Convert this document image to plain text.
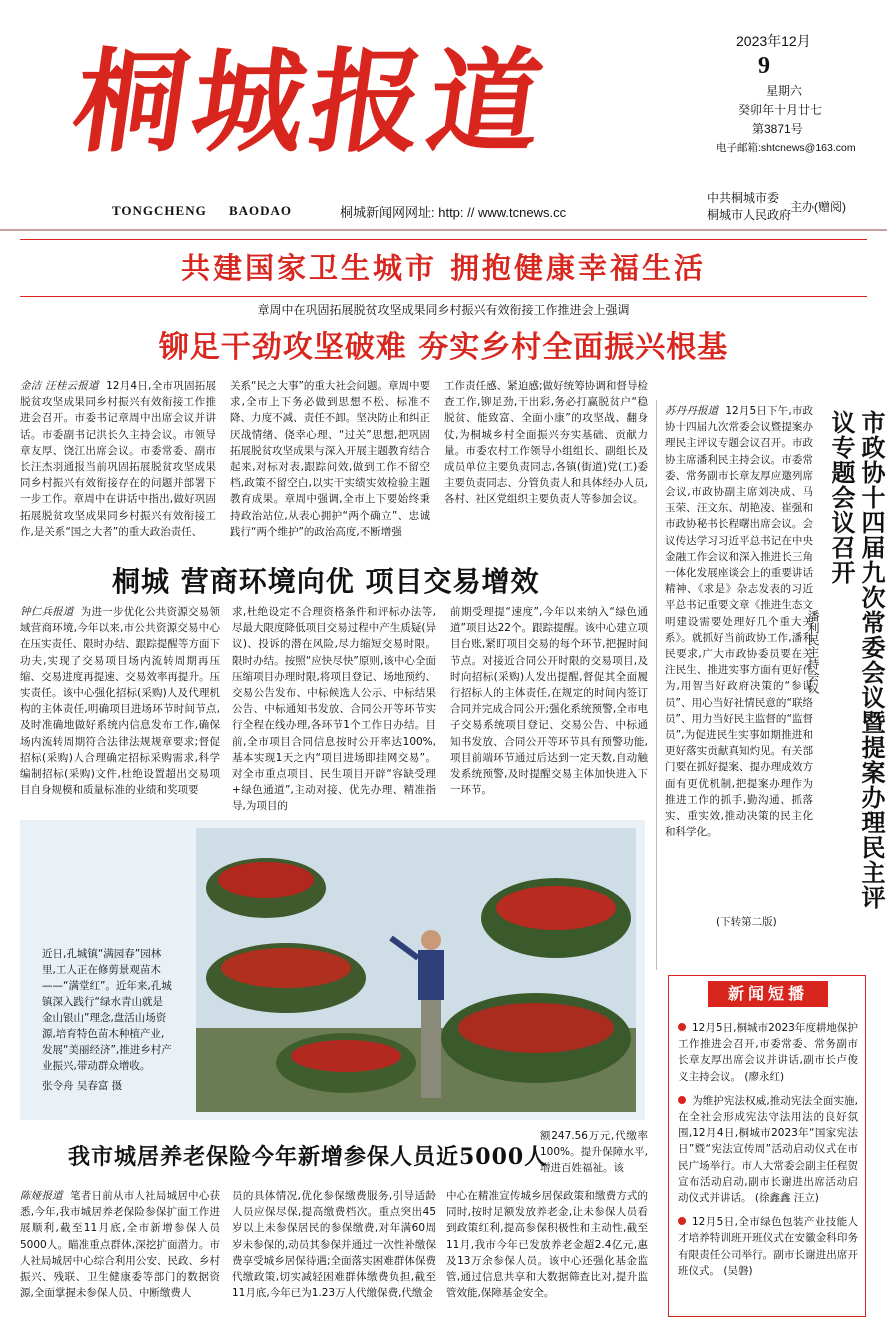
桐城报道
TONGCHENG BAODAO	桐城新闻网网址: http: // www.tcnews.cc
2023年12月
9
星期六
癸卯年十月廿七
第3871号
电子邮箱:shtcnews@163.com
中共桐城市委
桐城市人民政府
主办(赠阅)
共建国家卫生城市 拥抱健康幸福生活
章周中在巩固拓展脱贫攻坚成果同乡村振兴有效衔接工作推进会上强调
铆足干劲攻坚破难 夯实乡村全面振兴根基
金洁 汪桂云报道 12月4日,全市巩固拓展脱贫攻坚成果同乡村振兴有效衔接工作推进会召开。市委书记章周中出席会议并讲话。市委副书记洪长久主持会议。市领导章友厚、饶江出席会议。市委常委、副市长汪杰羽通报当前巩固拓展脱贫攻坚成果同乡村振兴有效衔接存在的问题并部署下一步工作。章周中在讲话中指出,做好巩固拓展脱贫攻坚成果同乡村振兴有效衔接工作,是关系“国之大者”的重大政治责任、
关系“民之大事”的重大社会问题。章周中要求,全市上下务必做到思想不松、标准不降、力度不减、责任不卸。坚决防止和纠正厌战情绪、侥幸心理、“过关”思想,把巩固拓展脱贫攻坚成果与深入开展主题教育结合起来,对标对表,跟踪问效,做到工作不留空档,政策不留空白,以实干实绩实效检验主题教育成果。章周中强调,全市上下要始终秉持政治站位,从表心拥护“两个确立”、忠诚践行“两个维护”的政治高度,不断增强
工作责任感、紧迫感;做好统筹协调和督导检查工作,铆足劲,干出彩,务必打赢脱贫户“稳脱贫、能致富、全面小康”的攻坚战、翻身仗,为桐城乡村全面振兴夯实基础、贡献力量。市委农村工作领导小组组长、副组长及成员单位主要负责同志,各镇(街道)党(工)委主要负责同志、分管负责人和具体经办人员,各村、社区党组织主要负责人等参加会议。
苏丹丹报道 12月5日下午,市政协十四届九次常委会议暨提案办理民主评议专题会议召开。市政协主席潘利民主持会议。市委常委、常务副市长章友厚应邀列席会议,市政协副主席刘决成、马玉荣、汪文东、胡艳凌、崔强和市政协秘书长程曙出席会议。会议传达学习习近平总书记在中央金融工作会议和深入推进长三角一体化发展座谈会上的重要讲话精神、《求是》杂志发表的习近平总书记重要文章《推进生态文明建设需要处理好几个重大关系》。就抓好当前政协工作,潘利民要求,广大市政协委员要在关注民生、推进实事方面有更好作为,用智当好政府决策的“参谋员”、用心当好社情民意的“联络员”、用力当好民主监督的“监督员”,为促进民生实事如期推进和更好落实贡献真知灼见。有关部门要在抓好提案、提办理成效方面有更优机制,把提案办理作为推进工作的抓手,勤沟通、抓落实、重实效,推动决策的民主化和科学化。
(下转第二版)
潘利民主持会议	市政协十四届九次常委会议暨提案办理民主评议专题会议召开
桐城 营商环境向优 项目交易增效
钟仁兵报道 为进一步优化公共资源交易领域营商环境,今年以来,市公共资源交易中心在压实责任、限时办结、跟踪提醒等方面下功夫,实现了交易项目场内流转周期再压缩、交易进度再提速、交易效率再提升。压实责任。该中心强化招标(采购)人及代理机构的主体责任,明确项目进场环节时间节点,及时准确地做好系统内信息发布工作,确保场内流转周期符合法律法规规章要求;督促招标(采购)人合理确定招标采购需求,科学编制招标(采购)文件,杜绝设置超出交易项目自身规模和质量标准的业绩和奖项要
求,杜绝设定不合理资格条件和评标办法等,尽最大限度降低项目交易过程中产生质疑(异议)、投诉的潜在风险,尽力缩短交易时限。限时办结。按照“应快尽快”原则,该中心全面压缩项目办理时限,将项目登记、场地预约、交易公告发布、中标候选人公示、中标结果公告、中标通知书发放、合同公开等环节实行全程在线办理,各环节1个工作日办结。目前,全市项目合同信息按时公开率达100%,基本实现1天之内“项目进场即挂网交易”。对全市重点项目、民生项目开辟“容缺受理+绿色通道”,主动对接、优先办理、精准指导,为项目的
前期受理提“速度”,今年以来纳入“绿色通道”项目达22个。跟踪提醒。该中心建立项目台账,紧盯项目交易的每个环节,把握时间节点。对接近合同公开时限的交易项目,及时向招标(采购)人发出提醒,督促其全面履行招标人的主体责任,在规定的时间内签订合同并完成合同公开;强化系统预警,全市电子交易系统项目登记、交易公告、中标通知书发放、合同公开等环节具有预警功能,项目前端环节通过后达到一定天数,自动触发系统预警,及时提醒交易主体加快进入下一环节。
近日,孔城镇“满园春”园林里,工人正在修剪景观苗木——“满堂红”。近年来,孔城镇深入践行“绿水青山就是金山银山”理念,盘活山场资源,培育特色苗木种植产业,发展“美丽经济”,推进乡村产业振兴,带动群众增收。
张令舟 吴春富 摄
我市城居养老保险今年新增参保人员近5000人
额247.56万元,代缴率100%。提升保障水平,增进百姓福祉。该
陈娅报道 笔者日前从市人社局城居中心获悉,今年,我市城居养老保险参保扩面工作进展顺利,截至11月底,全市新增参保人员5000人。瞄准重点群体,深挖扩面潜力。市人社局城居中心综合利用公安、民政、乡村振兴、残联、卫生健康委等部门的数据资源,全面掌握未参保人员、中断缴费人
员的具体情况,优化参保缴费服务,引导适龄人员应保尽保,提高缴费档次。重点突出45岁以上未参保居民的参保缴费,对年满60周岁未参保的,动员其参保并通过一次性补缴保费享受城乡居保待遇;全面落实困难群体保费代缴政策,切实减轻困难群体缴费负担,截至11月底,今年已为1.23万人代缴保费,代缴金
中心在精准宣传城乡居保政策和缴费方式的同时,按时足额发放养老金,让未参保人员看到政策红利,提高参保积极性和主动性,截至11月,我市今年已发放养老金超2.4亿元,惠及13万余参保人员。该中心还强化基金监管,通过信息共享和大数据筛查比对,提升监管效能,保障基金安全。
新闻短播
12月5日,桐城市2023年度耕地保护工作推进会召开,市委常委、常务副市长章友厚出席会议并讲话,副市长卢俊义主持会议。 (廖永红)
为维护宪法权威,推动宪法全面实施,在全社会形成宪法守法用法的良好氛围,12月4日,桐城市2023年“国家宪法日”暨“宪法宣传周”活动启动仪式在市民广场举行。市人大常委会副主任程贺宣布活动启动,副市长谢进出席活动启动仪式并讲话。 (徐鑫鑫 汪立)
12月5日,全市绿色包装产业技能人才培养特训班开班仪式在安徽金科印务有限责任公司举行。副市长谢进出席开班仪式。 (吴磐)
